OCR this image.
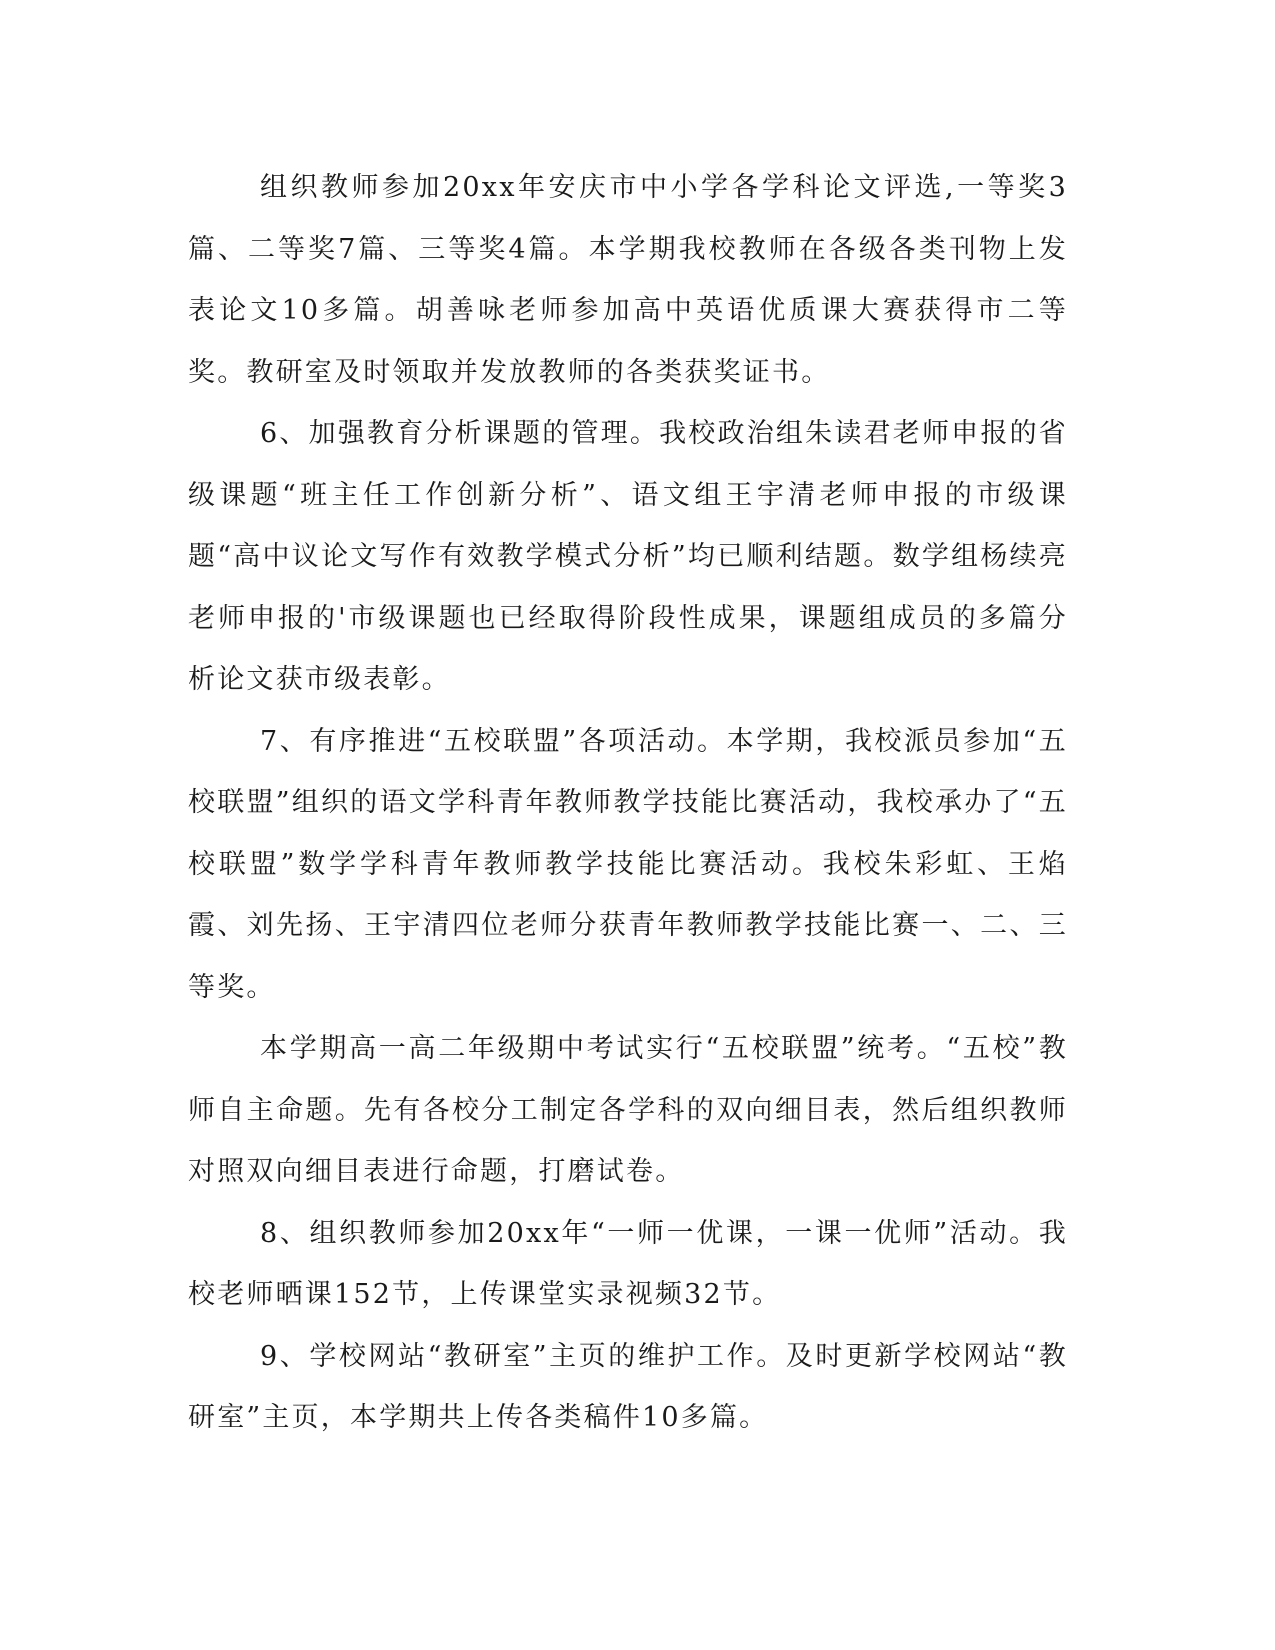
组织教师参加20xx年安庆市中小学各学科论文评选,一等奖3篇、二等奖7篇、三等奖4篇。本学期我校教师在各级各类刊物上发表论文10多篇。胡善咏老师参加高中英语优质课大赛获得市二等奖。教研室及时领取并发放教师的各类获奖证书。

6、加强教育分析课题的管理。我校政治组朱读君老师申报的省级课题“班主任工作创新分析”、语文组王宇清老师申报的市级课题“高中议论文写作有效教学模式分析”均已顺利结题。数学组杨续亮老师申报的'市级课题也已经取得阶段性成果，课题组成员的多篇分析论文获市级表彰。

7、有序推进“五校联盟”各项活动。本学期，我校派员参加“五校联盟”组织的语文学科青年教师教学技能比赛活动，我校承办了“五校联盟”数学学科青年教师教学技能比赛活动。我校朱彩虹、王焰霞、刘先扬、王宇清四位老师分获青年教师教学技能比赛一、二、三等奖。

本学期高一高二年级期中考试实行“五校联盟”统考。“五校”教师自主命题。先有各校分工制定各学科的双向细目表，然后组织教师对照双向细目表进行命题，打磨试卷。

8、组织教师参加20xx年“一师一优课，一课一优师”活动。我校老师晒课152节，上传课堂实录视频32节。

9、学校网站“教研室”主页的维护工作。及时更新学校网站“教研室”主页，本学期共上传各类稿件10多篇。
